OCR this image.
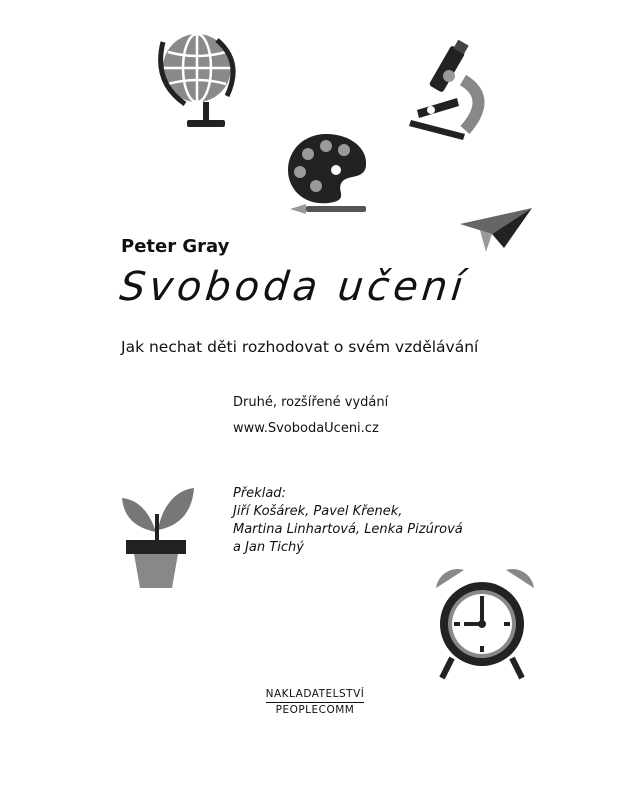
Peter Gray
Svoboda učení
Jak nechat děti rozhodovat o svém vzdělávání
Druhé, rozšířené vydání
www.SvobodaUceni.cz
Překlad:
Jiří Košárek, Pavel Křenek,
Martina Linhartová, Lenka Pizúrová
a Jan Tichý
NAKLADATELSTVÍ
PEOPLECOMM
